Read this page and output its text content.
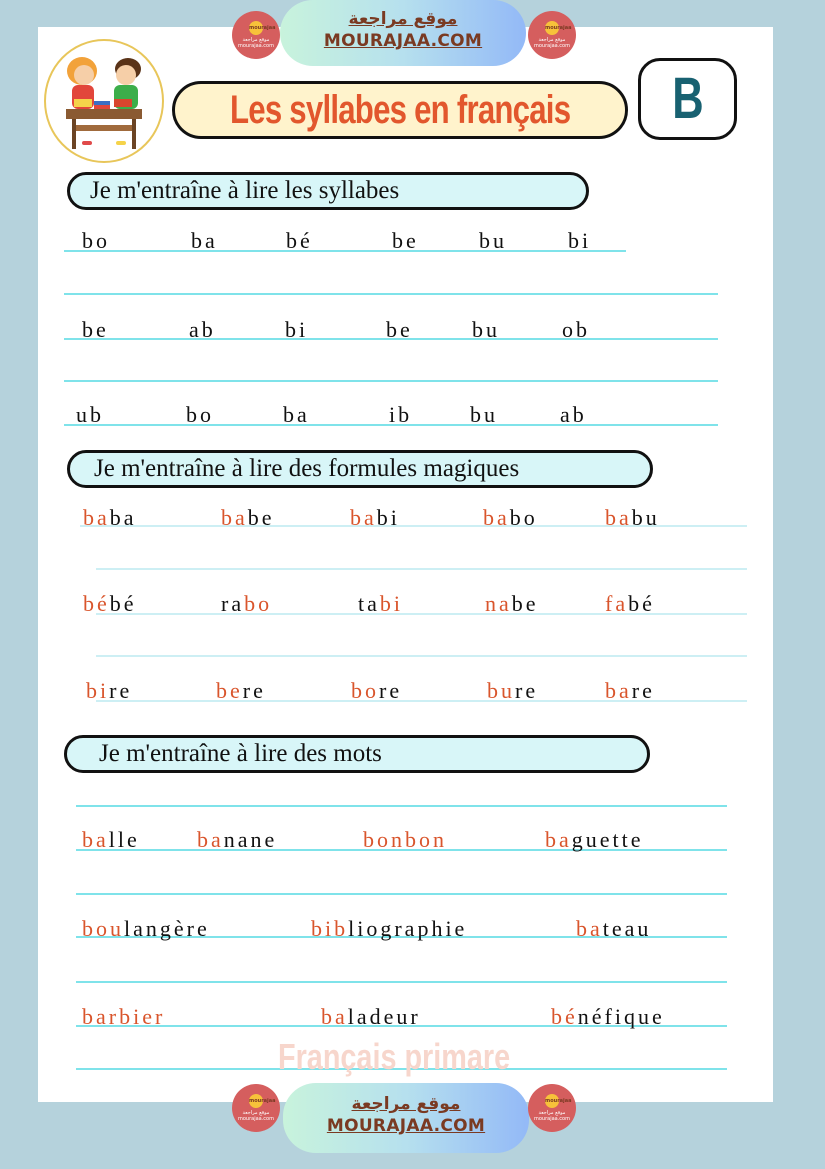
mourajaa
موقع مراجعة mourajaa.com
موقع مراجعة
MOURAJAA.COM
mourajaa
موقع مراجعة mourajaa.com
Les syllabes en français	B
Je m'entraîne à lire les syllabes
bo	ba	bé	be	bu	bi
be	ab	bi	be	bu	ob
ub	bo	ba	ib	bu	ab
Je m'entraîne à lire des formules magiques
baba	babe	babi	babo	babu
bébé	rabo	tabi	nabe	fabé
bire	bere	bore	bure	bare
Je m'entraîne à lire des mots
balle	banane	bonbon	baguette
boulangère	bibliographie	bateau
barbier	baladeur	bénéfique
Français primare
mourajaa
موقع مراجعة mourajaa.com
موقع مراجعة
MOURAJAA.COM
mourajaa
موقع مراجعة mourajaa.com
